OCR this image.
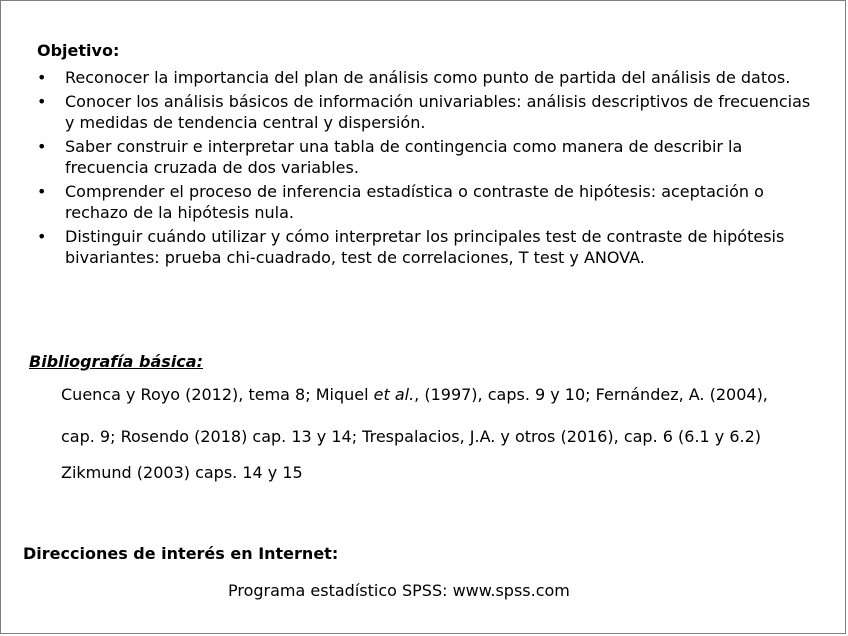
Objetivo:
• Reconocer la importancia del plan de análisis como punto de partida del análisis de datos.
• Conocer los análisis básicos de información univariables: análisis descriptivos de frecuencias y medidas de tendencia central y dispersión.
• Saber construir e interpretar una tabla de contingencia como manera de describir la frecuencia cruzada de dos variables.
• Comprender el proceso de inferencia estadística o contraste de hipótesis: aceptación o rechazo de la hipótesis nula.
• Distinguir cuándo utilizar y cómo interpretar los principales test de contraste de hipótesis bivariantes: prueba chi-cuadrado, test de correlaciones, T test y ANOVA.
Bibliografía básica:
Cuenca y Royo (2012), tema 8; Miquel et al., (1997), caps. 9 y 10; Fernández, A. (2004),
cap. 9; Rosendo (2018) cap. 13 y 14; Trespalacios, J.A. y otros (2016), cap. 6 (6.1 y 6.2)
Zikmund (2003) caps. 14 y 15
Direcciones de interés en Internet:
Programa estadístico SPSS: www.spss.com
